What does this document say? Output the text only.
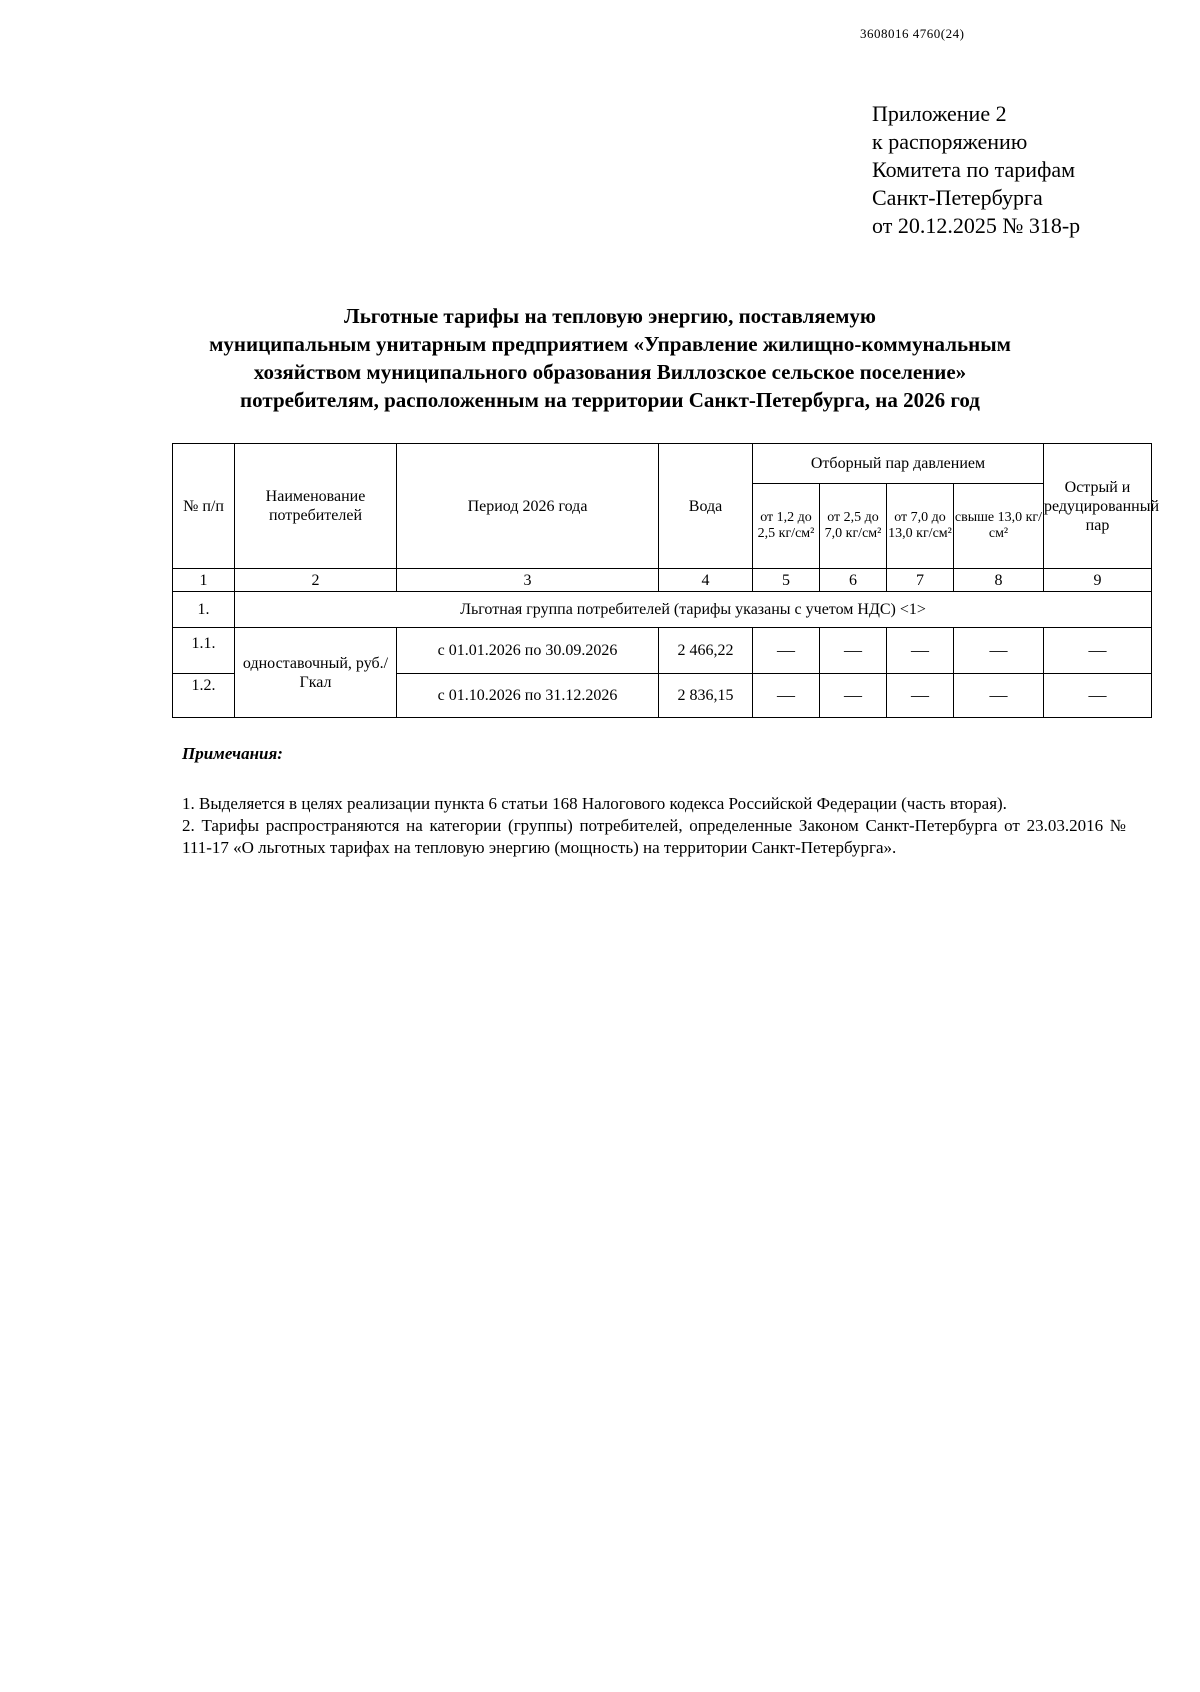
3608016 4760(24)
Приложение 2
к распоряжению
Комитета по тарифам
Санкт-Петербурга
от 20.12.2025 № 318-р
Льготные тарифы на тепловую энергию, поставляемую
муниципальным унитарным предприятием «Управление жилищно-коммунальным
хозяйством муниципального образования Виллозское сельское поселение»
потребителям, расположенным на территории Санкт-Петербурга, на 2026 год
№ п/п	Наименование потребителей	Период 2026 года	Вода	Отборный пар давлением				Острый и редуцированный пар
				от 1,2 до 2,5 кг/см²	от 2,5 до 7,0 кг/см²	от 7,0 до 13,0 кг/см²	свыше 13,0 кг/см²	
1	2	3	4	5	6	7	8	9
1.	Льготная группа потребителей (тарифы указаны с учетом НДС) <1>							
1.1.	одноставочный, руб./Гкал	с 01.01.2026 по 30.09.2026	2 466,22	—	—	—	—	—
1.2.		с 01.10.2026 по 31.12.2026	2 836,15	—	—	—	—	—
Примечания:

1. Выделяется в целях реализации пункта 6 статьи 168 Налогового кодекса Российской Федерации (часть вторая).

2. Тарифы распространяются на категории (группы) потребителей, определенные Законом Санкт-Петербурга от 23.03.2016 № 111-17 «О льготных тарифах на тепловую энергию (мощность) на территории Санкт-Петербурга».
